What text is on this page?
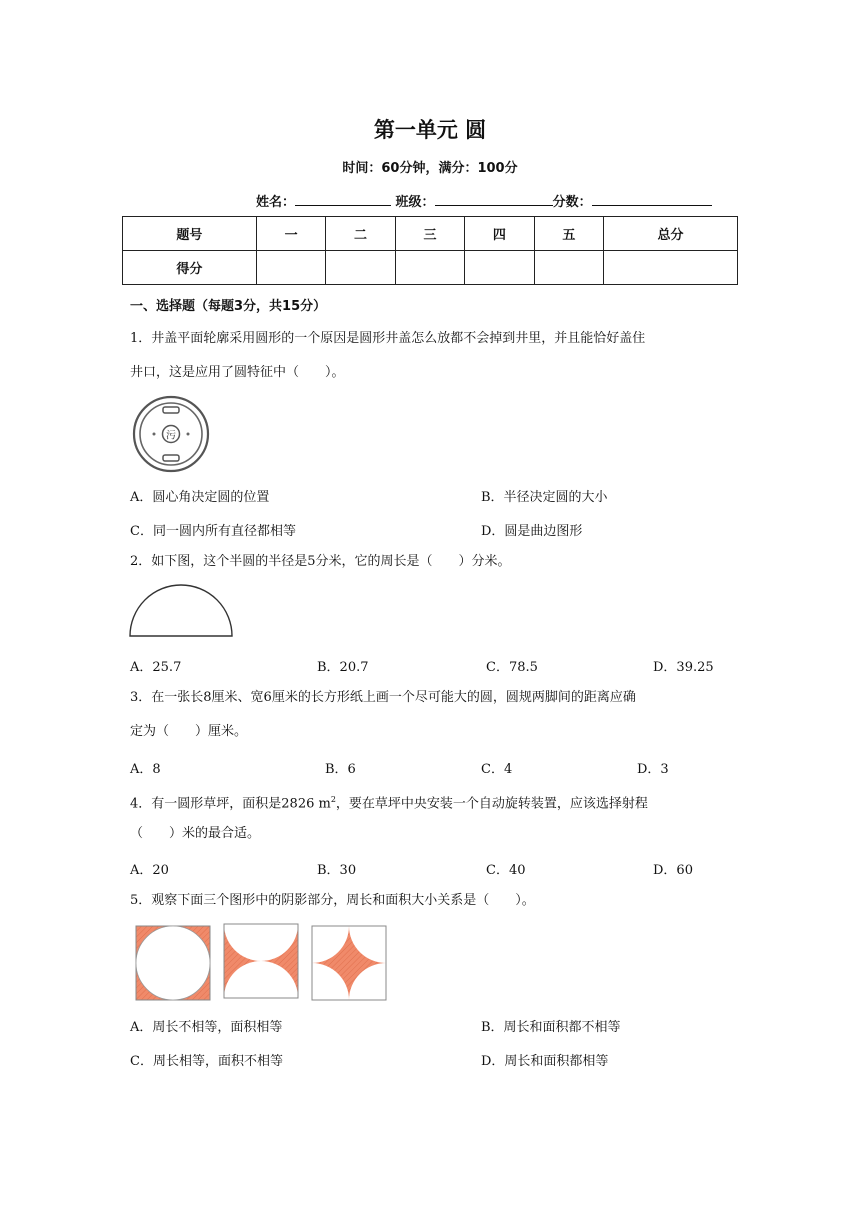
第一单元 圆
时间：60分钟，满分：100分
姓名：	班级：	分数：
题号	一	二	三	四	五	总分
得分						
一、选择题（每题3分，共15分）
1．井盖平面轮廓采用圆形的一个原因是圆形井盖怎么放都不会掉到井里，并且能恰好盖住
井口，这是应用了圆特征中（　　）。
污
A．圆心角决定圆的位置	B．半径决定圆的大小
C．同一圆内所有直径都相等	D．圆是曲边图形
2．如下图，这个半圆的半径是5分米，它的周长是（　　）分米。
A．25.7	B．20.7	C．78.5	D．39.25
3．在一张长8厘米、宽6厘米的长方形纸上画一个尽可能大的圆，圆规两脚间的距离应确
定为（　　）厘米。
A．8	B．6	C．4	D．3
4．有一圆形草坪，面积是2826 $m^2$，要在草坪中央安装一个自动旋转装置，应该选择射程
（　　）米的最合适。
A．20	B．30	C．40	D．60
5．观察下面三个图形中的阴影部分，周长和面积大小关系是（　　）。
A．周长不相等，面积相等	B．周长和面积都不相等
C．周长相等，面积不相等	D．周长和面积都相等
